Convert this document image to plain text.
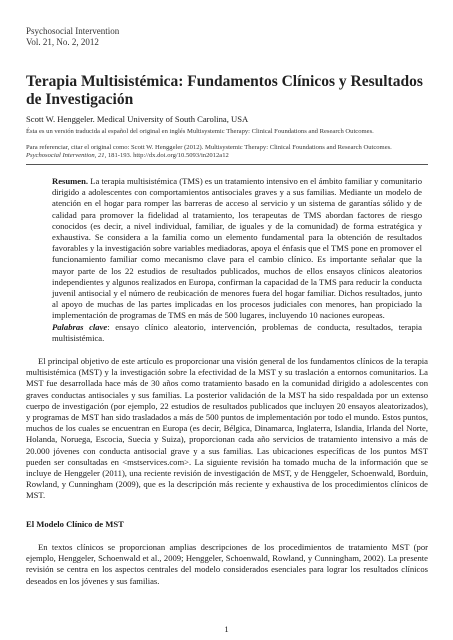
Psychosocial Intervention
Vol. 21, No. 2, 2012
Terapia Multisistémica: Fundamentos Clínicos y Resultados de Investigación
Scott W. Henggeler. Medical University of South Carolina, USA
Ésta es un versión traducida al español del original en inglés Multisystemic Therapy: Clinical Foundations and Research Outcomes.
Para referenciar, citar el original como: Scott W. Henggeler (2012). Multisystemic Therapy: Clinical Foundations and Research Outcomes. Psychosocial Intervention, 21, 181-193. http://dx.doi.org/10.5093/in2012a12
Resumen. La terapia multisistémica (TMS) es un tratamiento intensivo en el ámbito familiar y comunitario dirigido a adolescentes con comportamientos antisociales graves y a sus familias. Mediante un modelo de atención en el hogar para romper las barreras de acceso al servicio y un sistema de garantías sólido y de calidad para promover la fidelidad al tratamiento, los terapeutas de TMS abordan factores de riesgo conocidos (es decir, a nivel individual, familiar, de iguales y de la comunidad) de forma estratégica y exhaustiva. Se considera a la familia como un elemento fundamental para la obtención de resultados favorables y la investigación sobre variables mediadoras, apoya el énfasis que el TMS pone en promover el funcionamiento familiar como mecanismo clave para el cambio clínico. Es importante señalar que la mayor parte de los 22 estudios de resultados publicados, muchos de ellos ensayos clínicos aleatorios independientes y algunos realizados en Europa, confirman la capacidad de la TMS para reducir la conducta juvenil antisocial y el número de reubicación de menores fuera del hogar familiar. Dichos resultados, junto al apoyo de muchas de las partes implicadas en los procesos judiciales con menores, han propiciado la implementación de programas de TMS en más de 500 lugares, incluyendo 10 naciones europeas.
Palabras clave: ensayo clínico aleatorio, intervención, problemas de conducta, resultados, terapia multisistémica.

El principal objetivo de este artículo es proporcionar una visión general de los fundamentos clínicos de la terapia multisistémica (MST) y la investigación sobre la efectividad de la MST y su traslación a entornos comunitarios. La MST fue desarrollada hace más de 30 años como tratamiento basado en la comunidad dirigido a adolescentes con graves conductas antisociales y sus familias. La posterior validación de la MST ha sido respaldada por un extenso cuerpo de investigación (por ejemplo, 22 estudios de resultados publicados que incluyen 20 ensayos aleatorizados), y programas de MST han sido trasladados a más de 500 puntos de implementación por todo el mundo. Estos puntos, muchos de los cuales se encuentran en Europa (es decir, Bélgica, Dinamarca, Inglaterra, Islandia, Irlanda del Norte, Holanda, Noruega, Escocia, Suecia y Suiza), proporcionan cada año servicios de tratamiento intensivo a más de 20.000 jóvenes con conducta antisocial grave y a sus familias. Las ubicaciones específicas de los puntos MST pueden ser consultadas en <mstservices.com>. La siguiente revisión ha tomado mucha de la información que se incluye de Henggeler (2011), una reciente revisión de investigación de MST, y de Henggeler, Schoenwald, Borduin, Rowland, y Cunningham (2009), que es la descripción más reciente y exhaustiva de los procedimientos clínicos de MST.

El Modelo Clínico de MST

En textos clínicos se proporcionan amplias descripciones de los procedimientos de tratamiento MST (por ejemplo, Henggeler, Schoenwald et al., 2009; Henggeler, Schoenwald, Rowland, y Cunningham, 2002). La presente revisión se centra en los aspectos centrales del modelo considerados esenciales para lograr los resultados clínicos deseados en los jóvenes y sus familias.

1
